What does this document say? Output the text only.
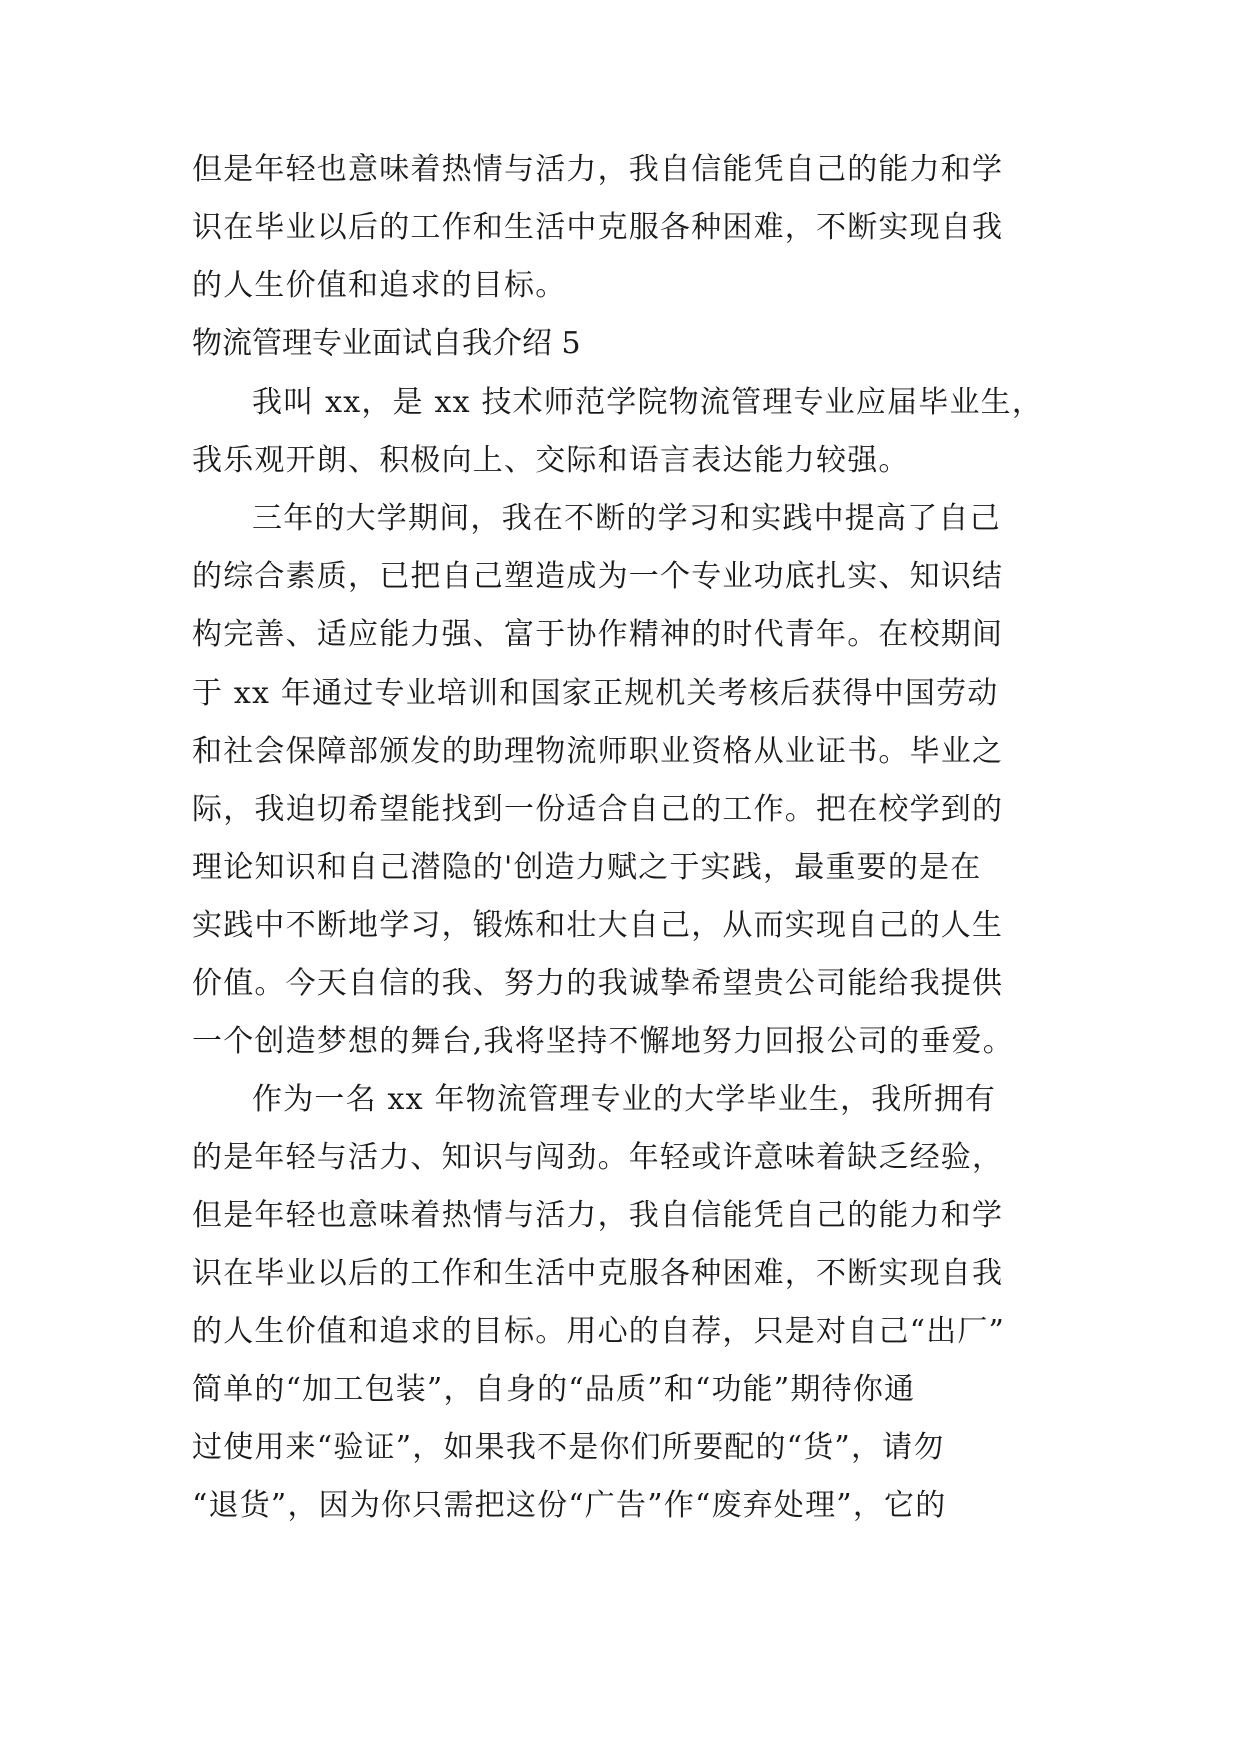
但是年轻也意味着热情与活力，我自信能凭自己的能力和学
识在毕业以后的工作和生活中克服各种困难，不断实现自我
的人生价值和追求的目标。
物流管理专业面试自我介绍 5
我叫 xx，是 xx 技术师范学院物流管理专业应届毕业生，
我乐观开朗、积极向上、交际和语言表达能力较强。
三年的大学期间，我在不断的学习和实践中提高了自己
的综合素质，已把自己塑造成为一个专业功底扎实、知识结
构完善、适应能力强、富于协作精神的时代青年。在校期间
于 xx 年通过专业培训和国家正规机关考核后获得中国劳动
和社会保障部颁发的助理物流师职业资格从业证书。毕业之
际，我迫切希望能找到一份适合自己的工作。把在校学到的
理论知识和自己潜隐的'创造力赋之于实践，最重要的是在
实践中不断地学习，锻炼和壮大自己，从而实现自己的人生
价值。今天自信的我、努力的我诚挚希望贵公司能给我提供
一个创造梦想的舞台,我将坚持不懈地努力回报公司的垂爱。
作为一名 xx 年物流管理专业的大学毕业生，我所拥有
的是年轻与活力、知识与闯劲。年轻或许意味着缺乏经验，
但是年轻也意味着热情与活力，我自信能凭自己的能力和学
识在毕业以后的工作和生活中克服各种困难，不断实现自我
的人生价值和追求的目标。用心的自荐，只是对自己“出厂”
简单的“加工包装”，自身的“品质”和“功能”期待你通
过使用来“验证”，如果我不是你们所要配的“货”，请勿
“退货”，因为你只需把这份“广告”作“废弃处理”，它的
